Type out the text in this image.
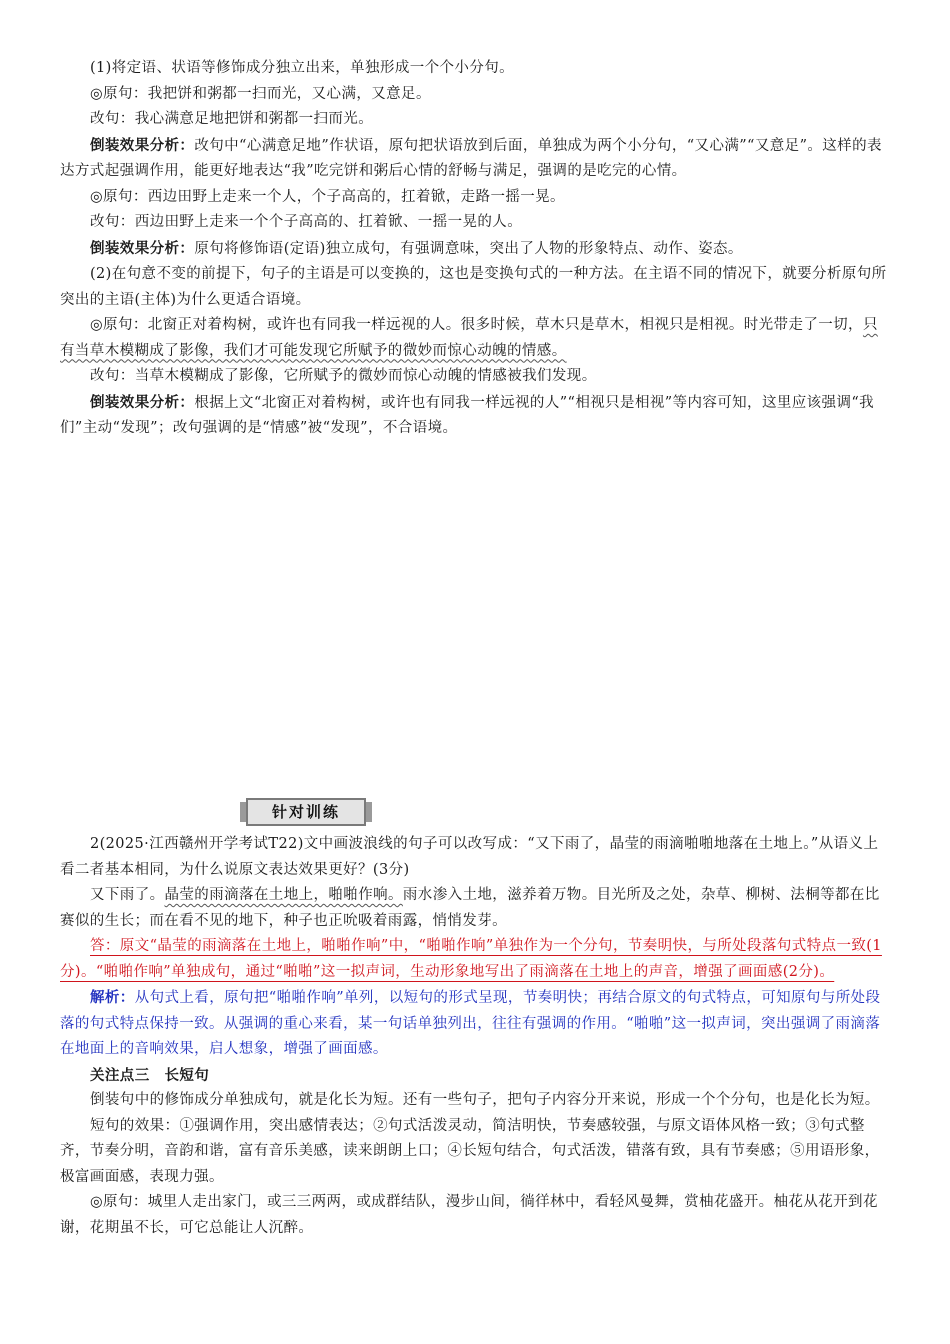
(1)将定语、状语等修饰成分独立出来，单独形成一个个小分句。

◎原句：我把饼和粥都一扫而光，又心满，又意足。

改句：我心满意足地把饼和粥都一扫而光。

倒装效果分析：改句中“心满意足地”作状语，原句把状语放到后面，单独成为两个小分句，“又心满”“又意足”。这样的表达方式起强调作用，能更好地表达“我”吃完饼和粥后心情的舒畅与满足，强调的是吃完的心情。

◎原句：西边田野上走来一个人，个子高高的，扛着锨，走路一摇一晃。

改句：西边田野上走来一个个子高高的、扛着锨、一摇一晃的人。

倒装效果分析：原句将修饰语(定语)独立成句，有强调意味，突出了人物的形象特点、动作、姿态。

(2)在句意不变的前提下，句子的主语是可以变换的，这也是变换句式的一种方法。在主语不同的情况下，就要分析原句所突出的主语(主体)为什么更适合语境。

◎原句：北窗正对着构树，或许也有同我一样远视的人。很多时候，草木只是草木，相视只是相视。时光带走了一切，只有当草木模糊成了影像，我们才可能发现它所赋予的微妙而惊心动魄的情感。

改句：当草木模糊成了影像，它所赋予的微妙而惊心动魄的情感被我们发现。

倒装效果分析：根据上文“北窗正对着构树，或许也有同我一样远视的人”“相视只是相视”等内容可知，这里应该强调“我们”主动“发现”；改句强调的是“情感”被“发现”，不合语境。

针对训练

2(2025·江西赣州开学考试T22)文中画波浪线的句子可以改写成：“又下雨了，晶莹的雨滴啪啪地落在土地上。”从语义上看二者基本相同，为什么说原文表达效果更好？(3分)

又下雨了。晶莹的雨滴落在土地上，啪啪作响。雨水渗入土地，滋养着万物。目光所及之处，杂草、柳树、法桐等都在比赛似的生长；而在看不见的地下，种子也正吮吸着雨露，悄悄发芽。

答：原文“晶莹的雨滴落在土地上，啪啪作响”中，“啪啪作响”单独作为一个分句，节奏明快，与所处段落句式特点一致(1分)。“啪啪作响”单独成句，通过“啪啪”这一拟声词，生动形象地写出了雨滴落在土地上的声音，增强了画面感(2分)。

解析：从句式上看，原句把“啪啪作响”单列，以短句的形式呈现，节奏明快；再结合原文的句式特点，可知原句与所处段落的句式特点保持一致。从强调的重心来看，某一句话单独列出，往往有强调的作用。“啪啪”这一拟声词，突出强调了雨滴落在地面上的音响效果，启人想象，增强了画面感。

关注点三　长短句

倒装句中的修饰成分单独成句，就是化长为短。还有一些句子，把句子内容分开来说，形成一个个分句，也是化长为短。

短句的效果：①强调作用，突出感情表达；②句式活泼灵动，简洁明快，节奏感较强，与原文语体风格一致；③句式整齐，节奏分明，音韵和谐，富有音乐美感，读来朗朗上口；④长短句结合，句式活泼，错落有致，具有节奏感；⑤用语形象，极富画面感，表现力强。

◎原句：城里人走出家门，或三三两两，或成群结队，漫步山间，徜徉林中，看轻风曼舞，赏柚花盛开。柚花从花开到花谢，花期虽不长，可它总能让人沉醉。
